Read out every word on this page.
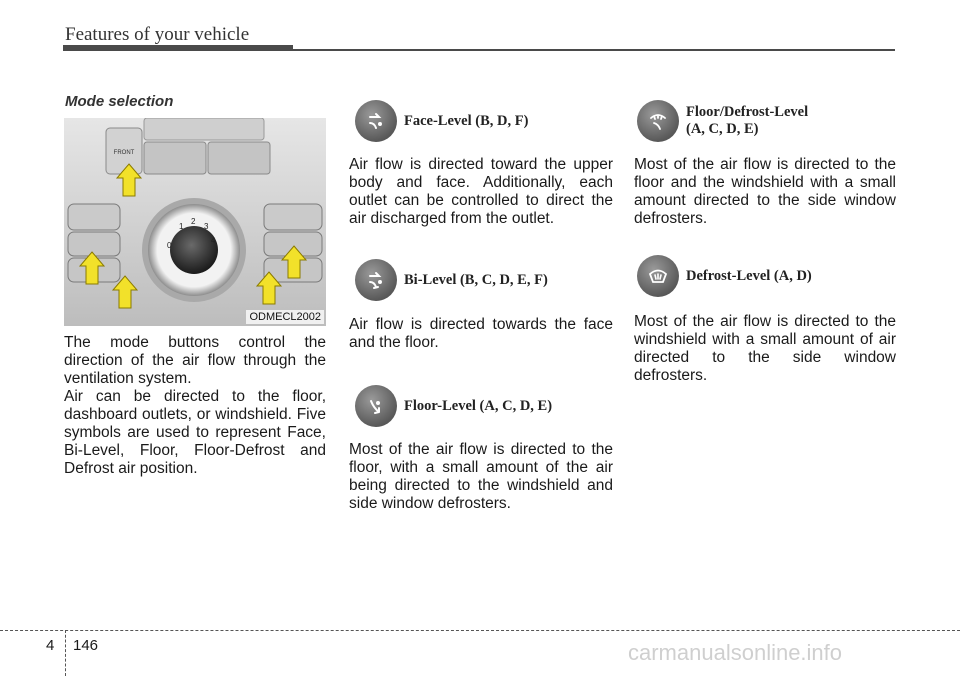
Features of your vehicle
Mode selection
FRONT
1
2
3
4
0
ODMECL2002
The mode buttons control the direction of the air flow through the ventilation system.
Air can be directed to the floor, dashboard outlets, or windshield. Five symbols are used to represent Face, Bi-Level, Floor, Floor-Defrost and Defrost air position.
Face-Level (B, D, F)
Air flow is directed toward the upper body and face. Additionally, each outlet can be controlled to direct the air discharged from the outlet.
Bi-Level (B, C, D, E, F)
Air flow is directed towards the face and the floor.
Floor-Level (A, C, D, E)
Most of the air flow is directed to the floor, with a small amount of the air being directed to the windshield and side window defrosters.
Floor/Defrost-Level
(A, C, D, E)
Most of the air flow is directed to the floor and the windshield with a small amount directed to the side window defrosters.
Defrost-Level (A, D)
Most of the air flow is directed to the windshield with a small amount of air directed to the side window defrosters.
4 146	carmanualsonline.info
